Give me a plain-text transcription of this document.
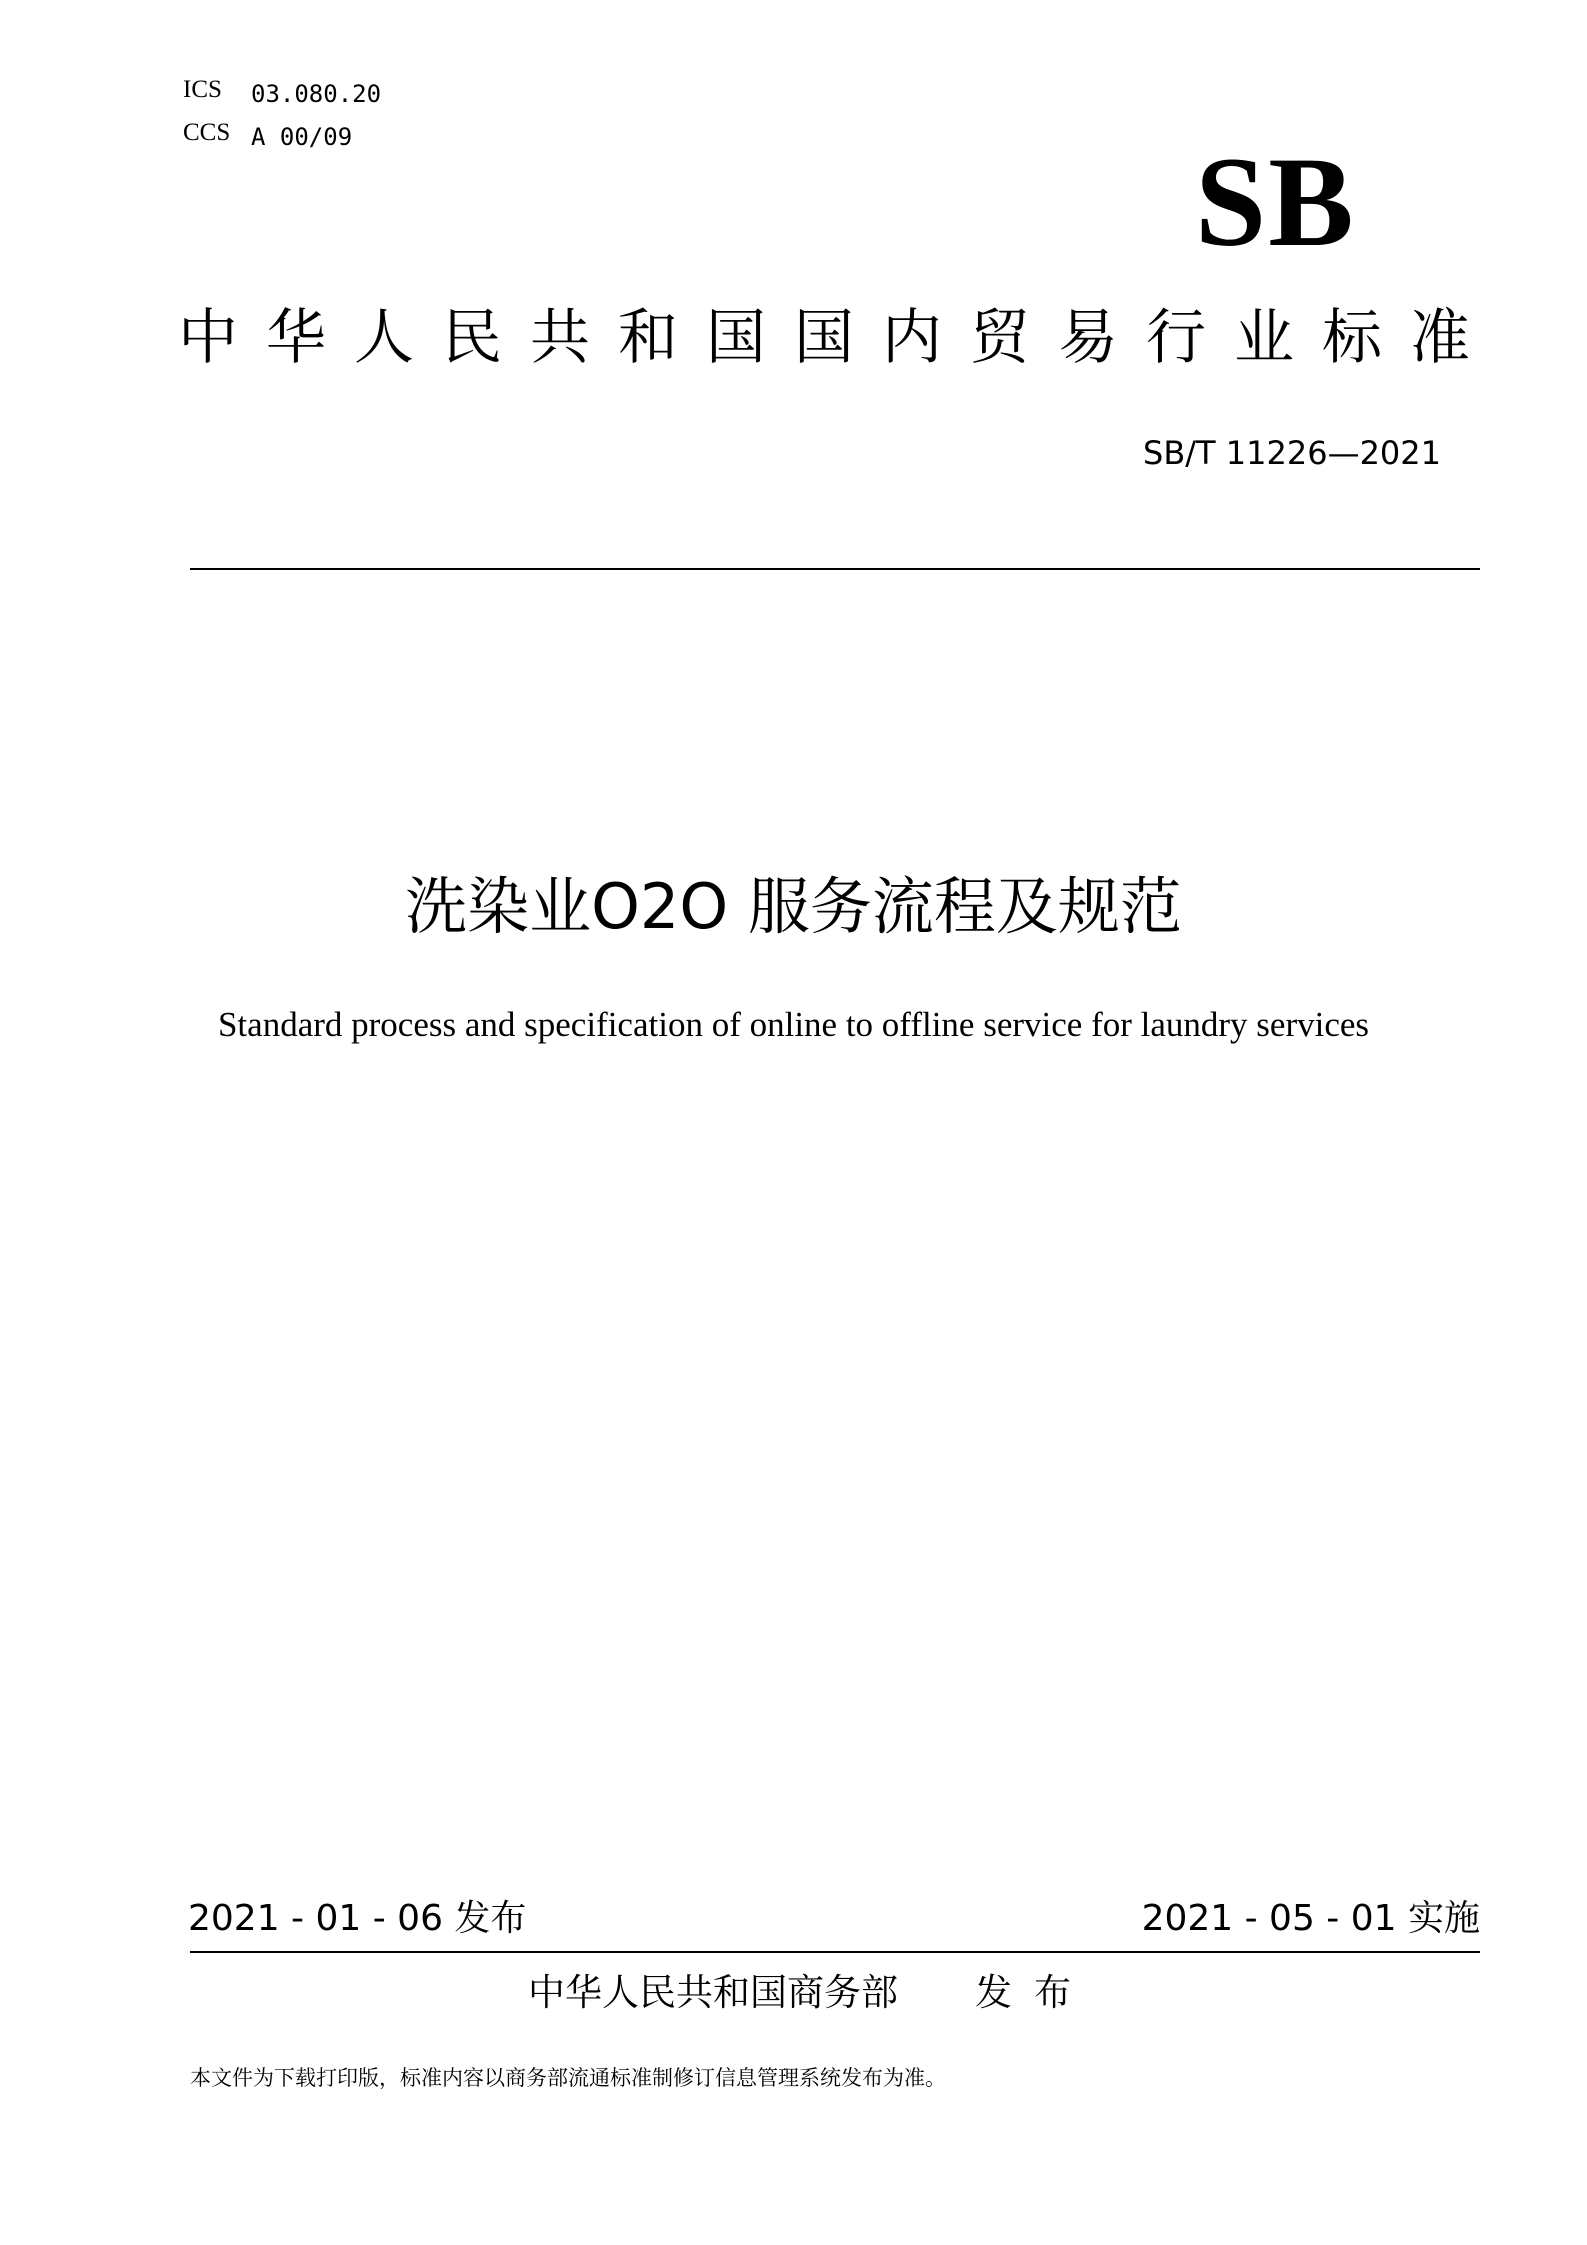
ICS 03.080.20
CCS A 00/09	SB
中华人民共和国国内贸易行业标准
SB/T 11226—2021
洗染业O2O 服务流程及规范
Standard process and specification of online to offline service for laundry services
2021 - 01 - 06 发布	2021 - 05 - 01 实施
中华人民共和国商务部 发布
本文件为下载打印版，标准内容以商务部流通标准制修订信息管理系统发布为准。
